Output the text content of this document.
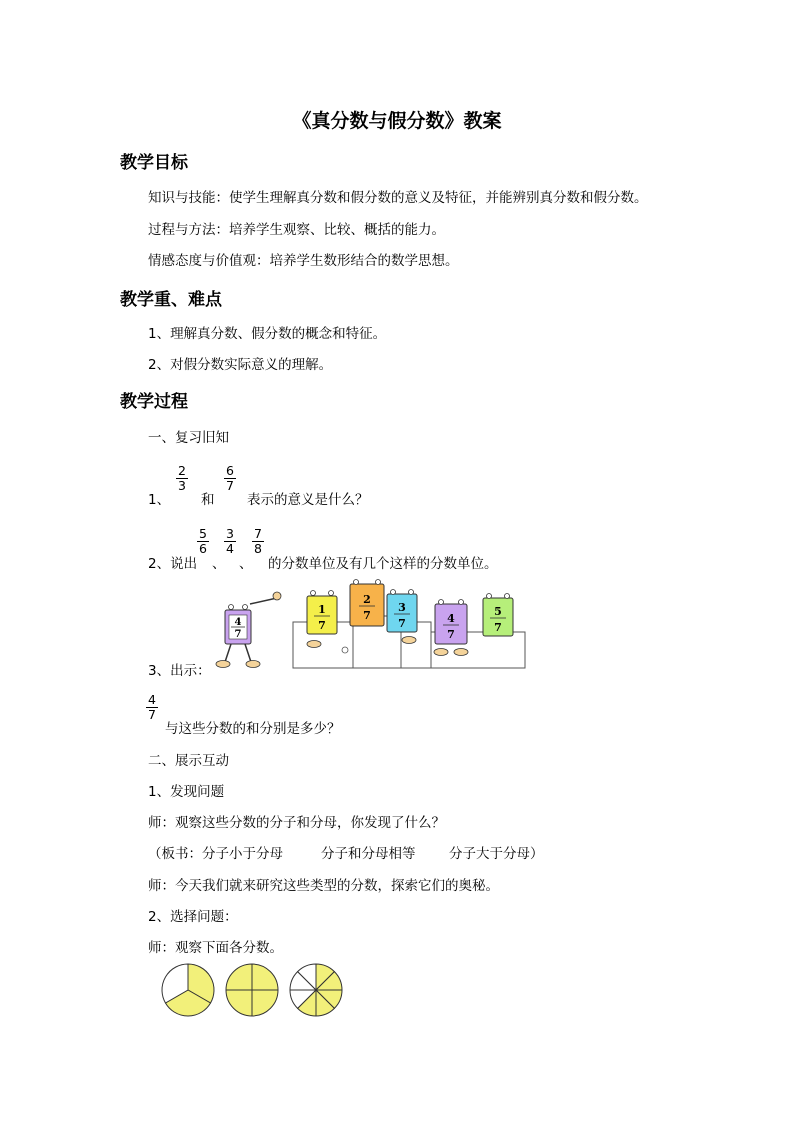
《真分数与假分数》教案
教学目标
知识与技能：使学生理解真分数和假分数的意义及特征，并能辨别真分数和假分数。
过程与方法：培养学生观察、比较、概括的能力。
情感态度与价值观：培养学生数形结合的数学思想。
教学重、难点
1、理解真分数、假分数的概念和特征。
2、对假分数实际意义的理解。
教学过程
一、复习旧知
1、
$\frac{2}{3}$
和
$\frac{6}{7}$
表示的意义是什么？
2、说出
$\frac{5}{6}$
、
$\frac{3}{4}$
、
$\frac{7}{8}$
的分数单位及有几个这样的分数单位。
4
7
1
7
2
7
3
7	4
7
5
7
3、出示：
$\frac{4}{7}$
与这些分数的和分别是多少？
二、展示互动
1、发现问题
师：观察这些分数的分子和分母，你发现了什么？
（板书：分子小于分母	分子和分母相等 分子大于分母）
师：今天我们就来研究这些类型的分数，探索它们的奥秘。
2、选择问题：
师：观察下面各分数。
